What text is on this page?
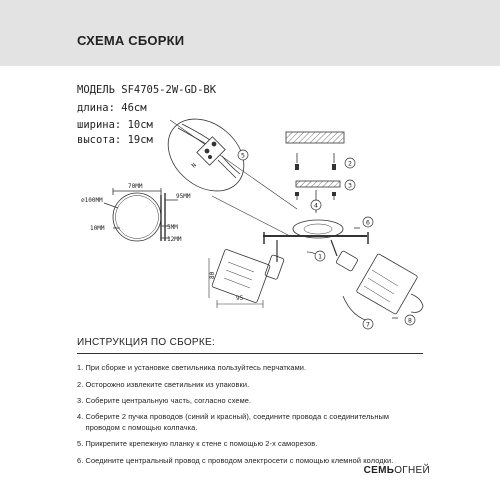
СХЕМА СБОРКИ
МОДЕЛЬ SF4705-2W-GD-BK
длина: 46см
ширина: 10см
высота: 19см
5
2
3
4
6
1
7	8
70MM
⌀100MM
95MM
10MM	5MM
12MM
95
80
N
ИНСТРУКЦИЯ ПО СБОРКЕ:
1. При сборке и установке светильника пользуйтесь перчатками.
2. Осторожно извлеките светильник из упаковки.
3. Соберите центральную часть, согласно схеме.
4. Соберите 2 пучка проводов (синий и красный), соедините провода с соединительным
проводом с помощью колпачка.
5. Прикрепите крепежную планку к стене с помощью 2-х саморезов.
6. Соедините центральный провод с проводом электросети с помощью клемной колодки.
СЕМЬОГНЕЙ
